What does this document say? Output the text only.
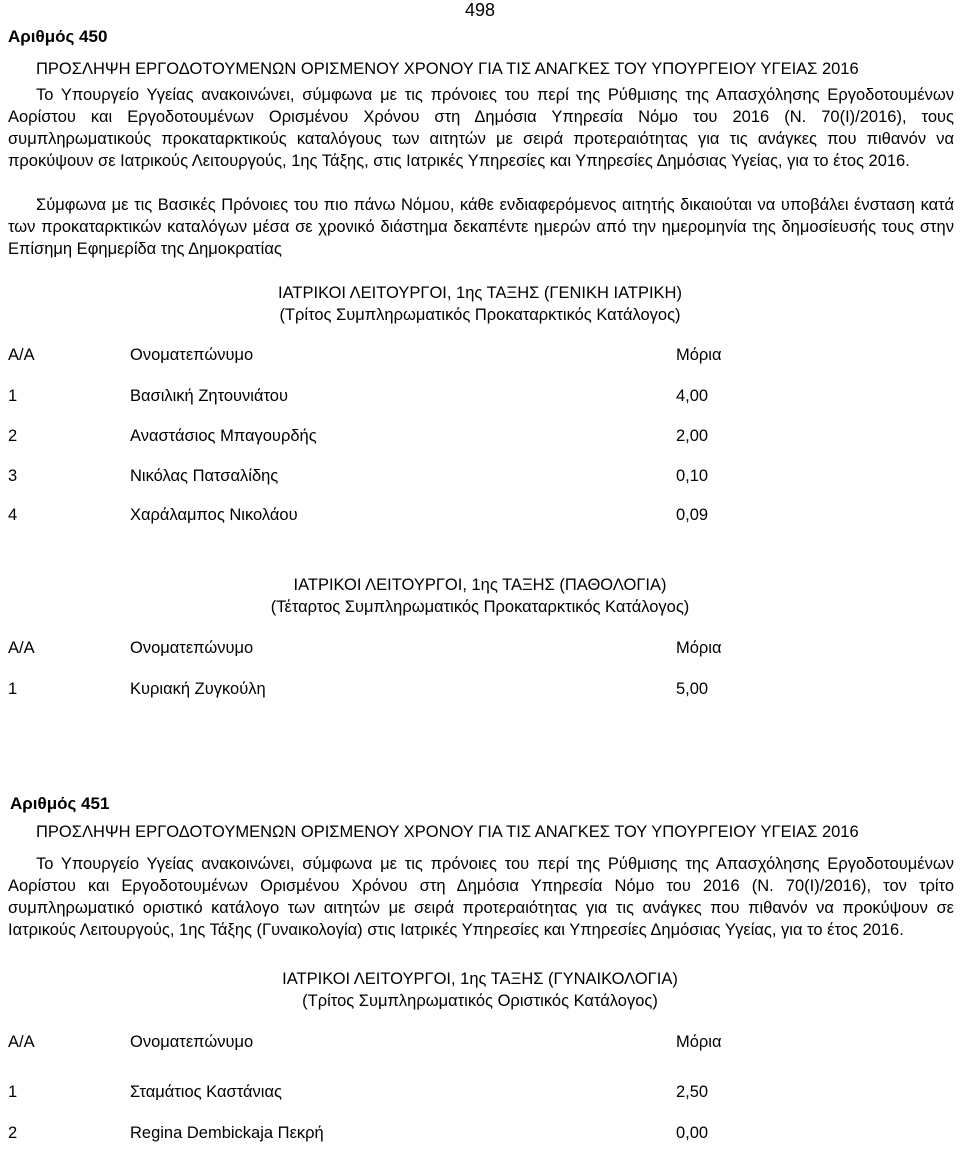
498
Αριθμός 450
ΠΡΟΣΛΗΨΗ ΕΡΓΟΔΟΤΟΥΜΕΝΩΝ ΟΡΙΣΜΕΝΟΥ ΧΡΟΝΟΥ ΓΙΑ ΤΙΣ ΑΝΑΓΚΕΣ ΤΟΥ ΥΠΟΥΡΓΕΙΟΥ ΥΓΕΙΑΣ 2016
Το Υπουργείο Υγείας ανακοινώνει, σύμφωνα με τις πρόνοιες του περί της Ρύθμισης της Απασχόλησης Εργοδοτουμένων Αορίστου και Εργοδοτουμένων Ορισμένου Χρόνου στη Δημόσια Υπηρεσία Νόμο του 2016 (Ν. 70(I)/2016), τους συμπληρωματικούς προκαταρκτικούς καταλόγους των αιτητών με σειρά προτεραιότητας για τις ανάγκες που πιθανόν να προκύψουν σε Ιατρικούς Λειτουργούς, 1ης Τάξης, στις Ιατρικές Υπηρεσίες και Υπηρεσίες Δημόσιας Υγείας, για το έτος 2016.
Σύμφωνα με τις Βασικές Πρόνοιες του πιο πάνω Νόμου, κάθε ενδιαφερόμενος αιτητής δικαιούται να υποβάλει ένσταση κατά των προκαταρκτικών καταλόγων μέσα σε χρονικό διάστημα δεκαπέντε ημερών από την ημερομηνία της δημοσίευσής τους στην Επίσημη Εφημερίδα της Δημοκρατίας
ΙΑΤΡΙΚΟΙ ΛΕΙΤΟΥΡΓΟΙ, 1ης ΤΑΞΗΣ (ΓΕΝΙΚΗ ΙΑΤΡΙΚΗ)
(Τρίτος Συμπληρωματικός Προκαταρκτικός Κατάλογος)
Α/Α	Ονοματεπώνυμο	Μόρια
1	Βασιλική Ζητουνιάτου	4,00
2	Αναστάσιος Μπαγουρδής	2,00
3	Νικόλας Πατσαλίδης	0,10
4	Χαράλαμπος Νικολάου	0,09
ΙΑΤΡΙΚΟΙ ΛΕΙΤΟΥΡΓΟΙ, 1ης ΤΑΞΗΣ (ΠΑΘΟΛΟΓΙΑ)
(Τέταρτος Συμπληρωματικός Προκαταρκτικός Κατάλογος)
Α/Α	Ονοματεπώνυμο	Μόρια
1	Κυριακή Ζυγκούλη	5,00
Αριθμός 451
ΠΡΟΣΛΗΨΗ ΕΡΓΟΔΟΤΟΥΜΕΝΩΝ ΟΡΙΣΜΕΝΟΥ ΧΡΟΝΟΥ ΓΙΑ ΤΙΣ ΑΝΑΓΚΕΣ ΤΟΥ ΥΠΟΥΡΓΕΙΟΥ ΥΓΕΙΑΣ 2016
Το Υπουργείο Υγείας ανακοινώνει, σύμφωνα με τις πρόνοιες του περί της Ρύθμισης της Απασχόλησης Εργοδοτουμένων Αορίστου και Εργοδοτουμένων Ορισμένου Χρόνου στη Δημόσια Υπηρεσία Νόμο του 2016 (Ν. 70(I)/2016), τον τρίτο συμπληρωματικό οριστικό κατάλογο των αιτητών με σειρά προτεραιότητας για τις ανάγκες που πιθανόν να προκύψουν σε Ιατρικούς Λειτουργούς, 1ης Τάξης (Γυναικολογία) στις Ιατρικές Υπηρεσίες και Υπηρεσίες Δημόσιας Υγείας, για το έτος 2016.
ΙΑΤΡΙΚΟΙ ΛΕΙΤΟΥΡΓΟΙ, 1ης ΤΑΞΗΣ (ΓΥΝΑΙΚΟΛΟΓΙΑ)
(Τρίτος Συμπληρωματικός Οριστικός Κατάλογος)
Α/Α	Ονοματεπώνυμο	Μόρια
1	Σταμάτιος Καστάνιας	2,50
2	Regina Dembickaja Πεκρή	0,00
